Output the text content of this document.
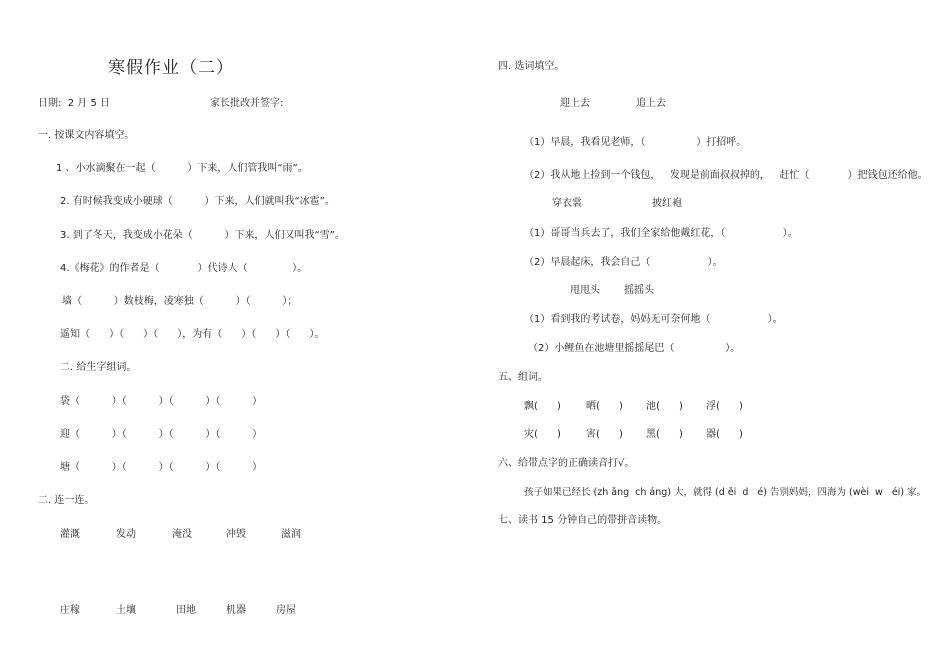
寒假作业（二）
日期:  2 月 5 日	家长批改并签字:
一. 按课文内容填空。
1 、小水滴聚在一起（          ）下来，人们管我叫“雨”。
2. 有时候我变成小硬球（          ）下来，人们就叫我“冰雹”。
3. 到了冬天，我变成小花朵（          ）下来，人们又叫我“雪”。
4.《梅花》的作者是（            ）代诗人（              ）。
墙（          ）数枝梅，凌寒独（          ）（          ）；
遥知（      ）（      ）（      ），为有（      ）（      ）（      ）。
二. 给生字组词。
袋（          ）（          ）（          ）（          ）
迎（          ）（          ）（          ）（          ）
塘（          ）（          ）（          ）（          ）
二. 连一连。
灌溉	发动	淹没	冲毁	滋润
庄稼	土壤	田地	机器	房屋
四. 选词填空。
迎上去	追上去
（1）早晨，我看见老师，（                ）打招呼。
（2）我从地上捡到一个钱包，   发现是前面叔叔掉的，   赶忙（            ）把钱包还给他。
穿衣裳	披红袍
（1）哥哥当兵去了，我们全家给他戴红花，（                  ）。
（2）早晨起床，我会自己（                  ）。
甩甩头 摇摇头
（1）看到我的考试卷，妈妈无可奈何地（                  ）。
（2）小鲤鱼在池塘里摇摇尾巴（                ）。
五、组词。
飘(      )	晒(      ) 池(      ) 浮(      )
灾(      )	害(      ) 黑(      ) 器(      )
六、给带点字的正确读音打√。
孩子如果已经长 (zh ǎng  ch áng) 大，就得 (d ěi  d   é) 告别妈妈，四海为 (wèi  w   éi) 家。
七、读书 15 分钟自己的带拼音读物。
